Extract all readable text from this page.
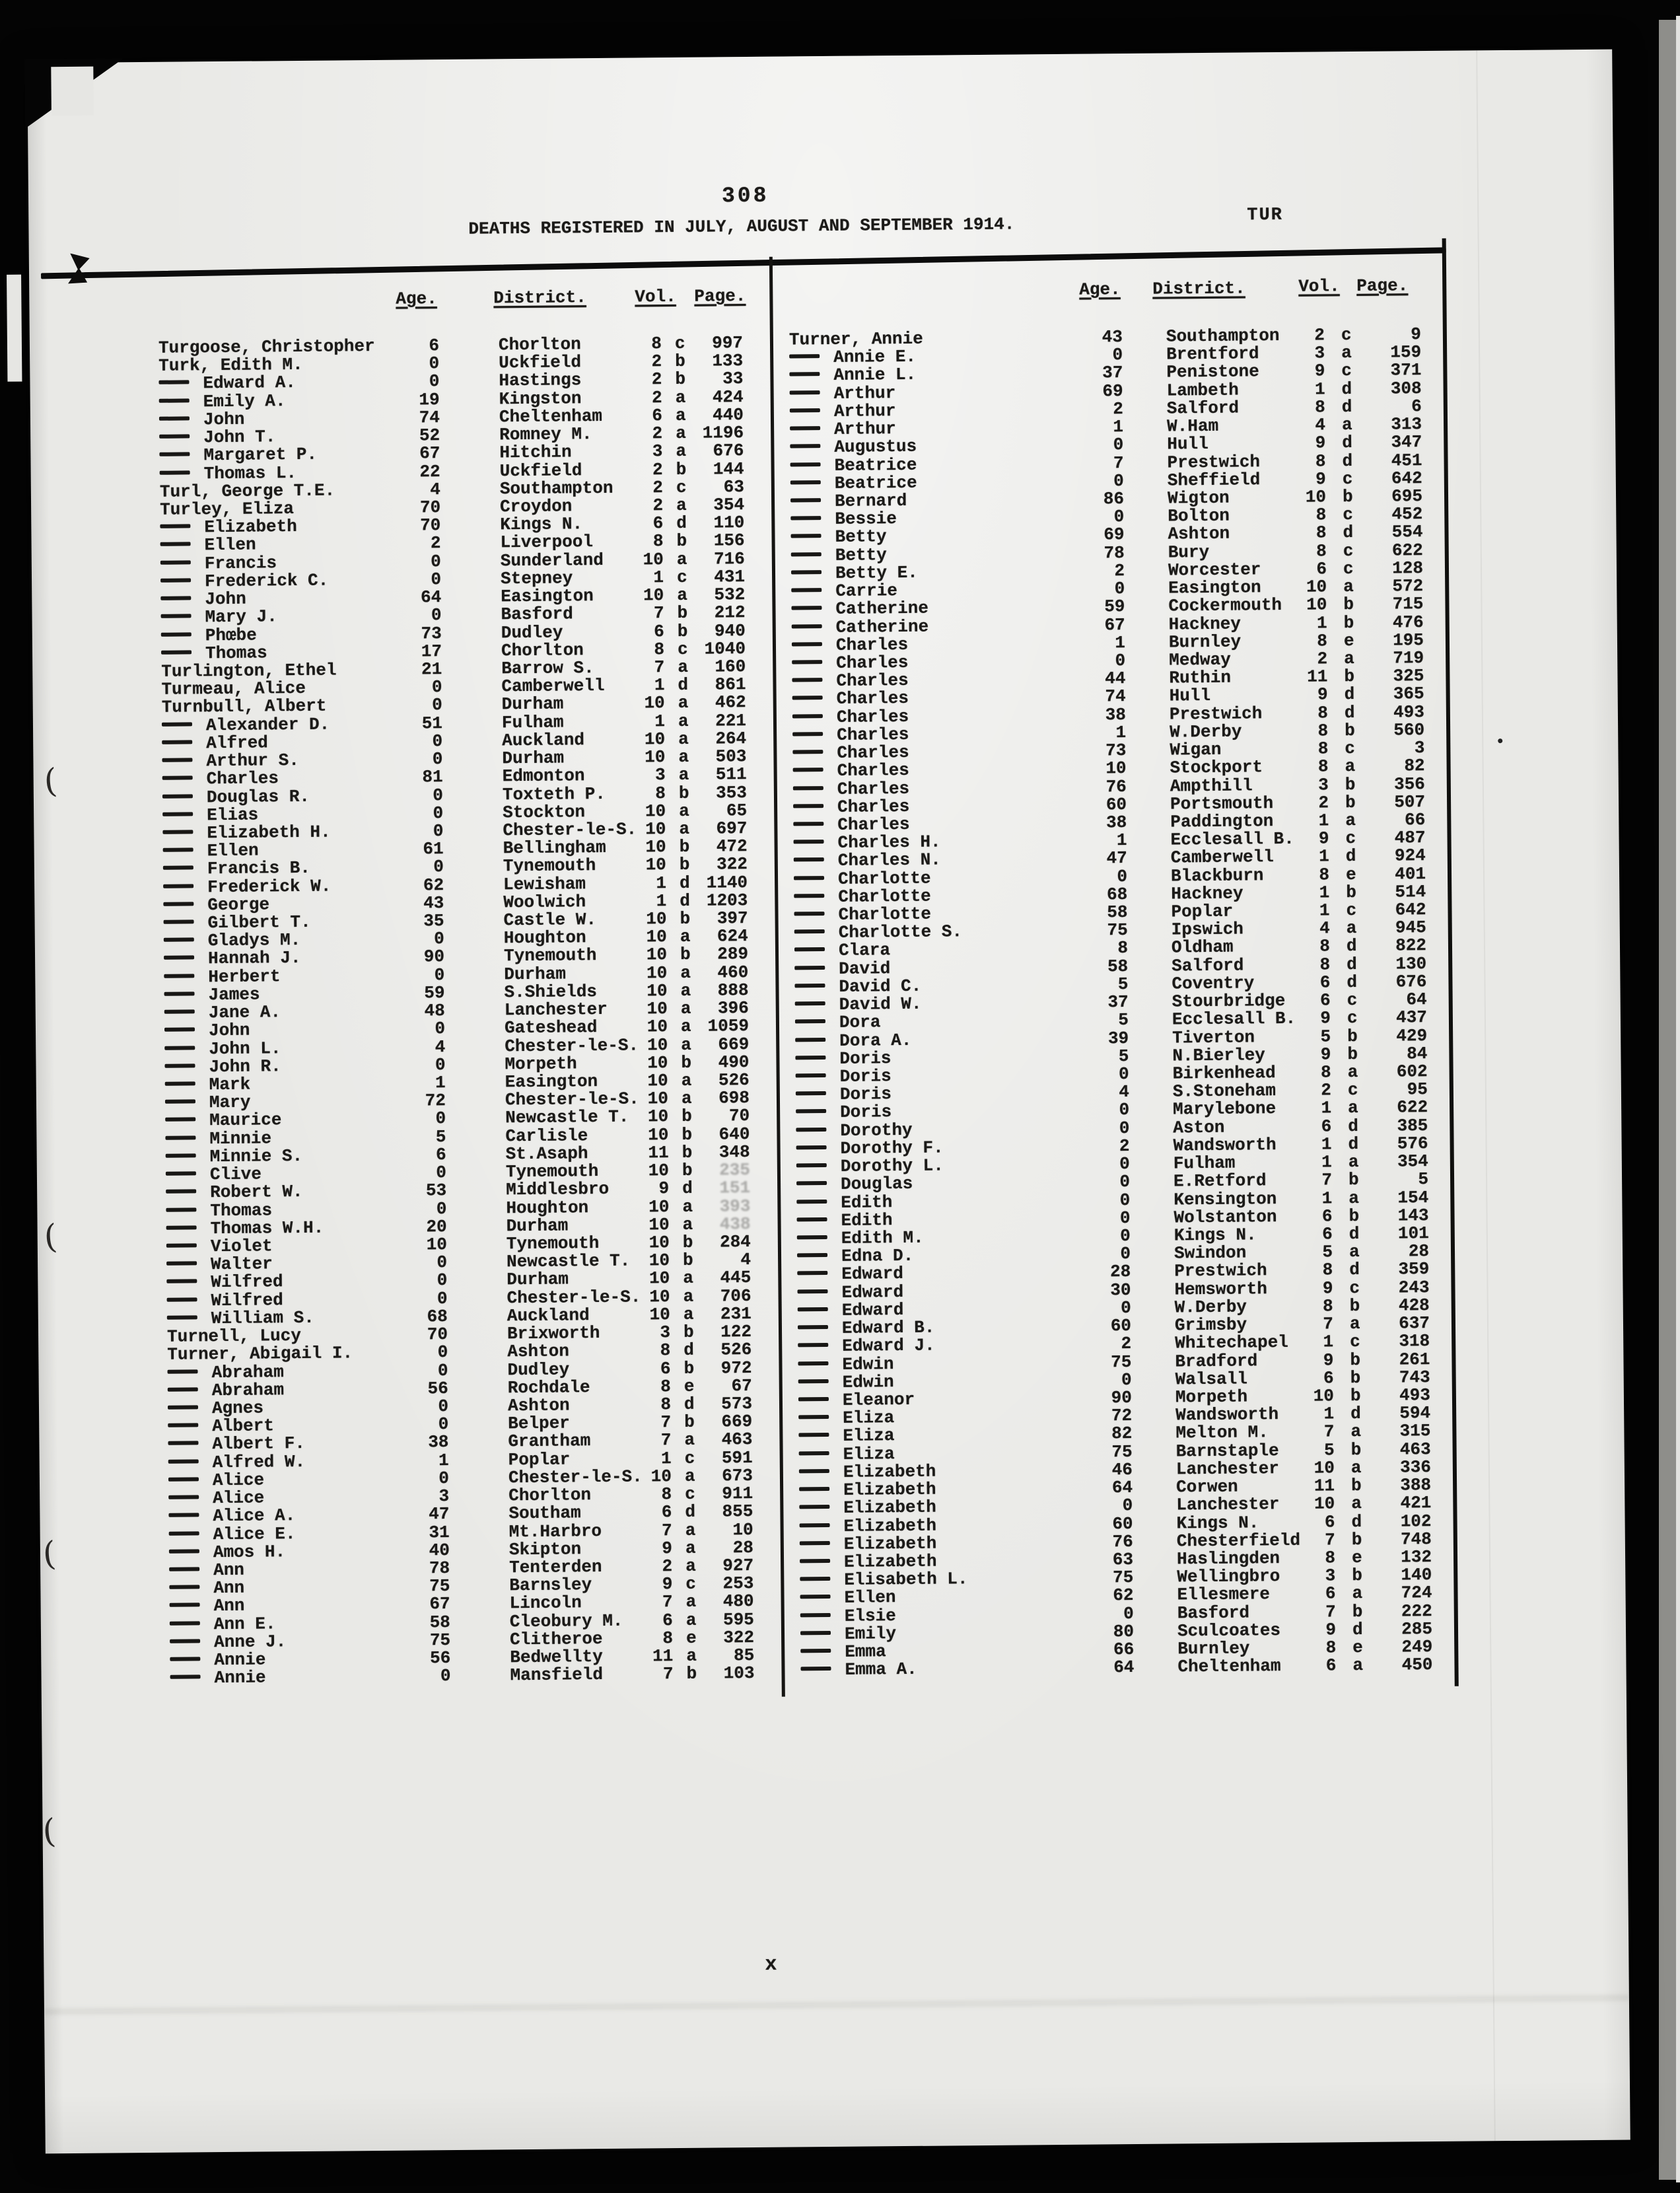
308
DEATHS REGISTERED IN JULY, AUGUST AND SEPTEMBER 1914.	TUR
Age.	District.	Vol. Page.	Age. District.	Vol. Page.
Turgoose, Christopher	6	Chorlton	8 c	997
Turk, Edith M.	0	Uckfield	2 b	133
Edward A.	0	Hastings	2 b	33
Emily A.	19	Kingston	2 a	424
John	74	Cheltenham	6 a	440
John T.	52	Romney M.	2 a 1196
Margaret P.	67	Hitchin	3 a	676
Thomas L.	22	Uckfield	2 b	144
Turl, George T.E.	4	Southampton	2 c	63
Turley, Eliza	70	Croydon	2 a	354
Elizabeth	70	Kings N.	6 d	110
Ellen	2	Liverpool	8 b	156
Francis	0	Sunderland	10 a	716
Frederick C.	0	Stepney	1 c	431
John	64	Easington	10 a	532
Mary J.	0	Basford	7 b	212
Phœbe	73	Dudley	6 b	940
Thomas	17	Chorlton	8 c 1040
Turlington, Ethel	21	Barrow S.	7 a	160
Turmeau, Alice	0	Camberwell	1 d	861
Turnbull, Albert	0	Durham	10 a	462
Alexander D.	51	Fulham	1 a	221
Alfred	0	Auckland	10 a	264
Arthur S.	0	Durham	10 a	503
Charles	81	Edmonton	3 a	511
Douglas R.	0	Toxteth P.	8 b	353
Elias	0	Stockton	10 a	65
Elizabeth H.	0	Chester-le-S. 10 a	697
Ellen	61	Bellingham	10 b	472
Francis B.	0	Tynemouth	10 b	322
Frederick W.	62	Lewisham	1 d 1140
George	43	Woolwich	1 d 1203
Gilbert T.	35	Castle W.	10 b	397
Gladys M.	0	Houghton	10 a	624
Hannah J.	90	Tynemouth	10 b	289
Herbert	0	Durham	10 a	460
James	59	S.Shields	10 a	888
Jane A.	48	Lanchester	10 a	396
John	0	Gateshead	10 a 1059
John L.	4	Chester-le-S. 10 a	669
John R.	0	Morpeth	10 b	490
Mark	1	Easington	10 a	526
Mary	72	Chester-le-S. 10 a	698
Maurice	0	Newcastle T.	10 b	70
Minnie	5	Carlisle	10 b	640
Minnie S.	6	St.Asaph	11 b	348
Clive	0	Tynemouth	10 b	235
Robert W.	53	Middlesbro	9 d	151
Thomas	0	Houghton	10 a	393
Thomas W.H.	20	Durham	10 a	438
Violet	10	Tynemouth	10 b	284
Walter	0	Newcastle T.	10 b	4
Wilfred	0	Durham	10 a	445
Wilfred	0	Chester-le-S. 10 a	706
William S.	68	Auckland	10 a	231
Turnell, Lucy	70	Brixworth	3 b	122
Turner, Abigail I.	0	Ashton	8 d	526
Abraham	0	Dudley	6 b	972
Abraham	56	Rochdale	8 e	67
Agnes	0	Ashton	8 d	573
Albert	0	Belper	7 b	669
Albert F.	38	Grantham	7 a	463
Alfred W.	1	Poplar	1 c	591
Alice	0	Chester-le-S. 10 a	673
Alice	3	Chorlton	8 c	911
Alice A.	47	Southam	6 d	855
Alice E.	31	Mt.Harbro	7 a	10
Amos H.	40	Skipton	9 a	28
Ann	78	Tenterden	2 a	927
Ann	75	Barnsley	9 c	253
Ann	67	Lincoln	7 a	480
Ann E.	58	Cleobury M.	6 a	595
Anne J.	75	Clitheroe	8 e	322
Annie	56	Bedwellty	11 a	85
Annie	0	Mansfield	7 b	103
Turner, Annie	43	Southampton	2 c	9
Annie E.	0	Brentford	3 a	159
Annie L.	37	Penistone	9 c	371
Arthur	69	Lambeth	1 d	308
Arthur	2	Salford	8 d	6
Arthur	1	W.Ham	4 a	313
Augustus	0	Hull	9 d	347
Beatrice	7	Prestwich	8 d	451
Beatrice	0	Sheffield	9 c	642
Bernard	86	Wigton	10 b	695
Bessie	0	Bolton	8 c	452
Betty	69	Ashton	8 d	554
Betty	78	Bury	8 c	622
Betty E.	2	Worcester	6 c	128
Carrie	0	Easington	10 a	572
Catherine	59	Cockermouth	10 b	715
Catherine	67	Hackney	1 b	476
Charles	1	Burnley	8 e	195
Charles	0	Medway	2 a	719
Charles	44	Ruthin	11 b	325
Charles	74	Hull	9 d	365
Charles	38	Prestwich	8 d	493
Charles	1	W.Derby	8 b	560
Charles	73	Wigan	8 c	3
Charles	10	Stockport	8 a	82
Charles	76	Ampthill	3 b	356
Charles	60	Portsmouth	2 b	507
Charles	38	Paddington	1 a	66
Charles H.	1	Ecclesall B.	9 c	487
Charles N.	47	Camberwell	1 d	924
Charlotte	0	Blackburn	8 e	401
Charlotte	68	Hackney	1 b	514
Charlotte	58	Poplar	1 c	642
Charlotte S.	75	Ipswich	4 a	945
Clara	8	Oldham	8 d	822
David	58	Salford	8 d	130
David C.	5	Coventry	6 d	676
David W.	37	Stourbridge	6 c	64
Dora	5	Ecclesall B.	9 c	437
Dora A.	39	Tiverton	5 b	429
Doris	5	N.Bierley	9 b	84
Doris	0	Birkenhead	8 a	602
Doris	4	S.Stoneham	2 c	95
Doris	0	Marylebone	1 a	622
Dorothy	0	Aston	6 d	385
Dorothy F.	2	Wandsworth	1 d	576
Dorothy L.	0	Fulham	1 a	354
Douglas	0	E.Retford	7 b	5
Edith	0	Kensington	1 a	154
Edith	0	Wolstanton	6 b	143
Edith M.	0	Kings N.	6 d	101
Edna D.	0	Swindon	5 a	28
Edward	28	Prestwich	8 d	359
Edward	30	Hemsworth	9 c	243
Edward	0	W.Derby	8 b	428
Edward B.	60	Grimsby	7 a	637
Edward J.	2	Whitechapel	1 c	318
Edwin	75	Bradford	9 b	261
Edwin	0	Walsall	6 b	743
Eleanor	90	Morpeth	10 b	493
Eliza	72	Wandsworth	1 d	594
Eliza	82	Melton M.	7 a	315
Eliza	75	Barnstaple	5 b	463
Elizabeth	46	Lanchester	10 a	336
Elizabeth	64	Corwen	11 b	388
Elizabeth	0	Lanchester	10 a	421
Elizabeth	60	Kings N.	6 d	102
Elizabeth	76	Chesterfield	7 b	748
Elizabeth	63	Haslingden	8 e	132
Elisabeth L.	75	Wellingbro	3 b	140
Ellen	62	Ellesmere	6 a	724
Elsie	0	Basford	7 b	222
Emily	80	Sculcoates	9 d	285
Emma	66	Burnley	8 e	249
Emma A.	64	Cheltenham	6 a	450
(
(
(
(
x
